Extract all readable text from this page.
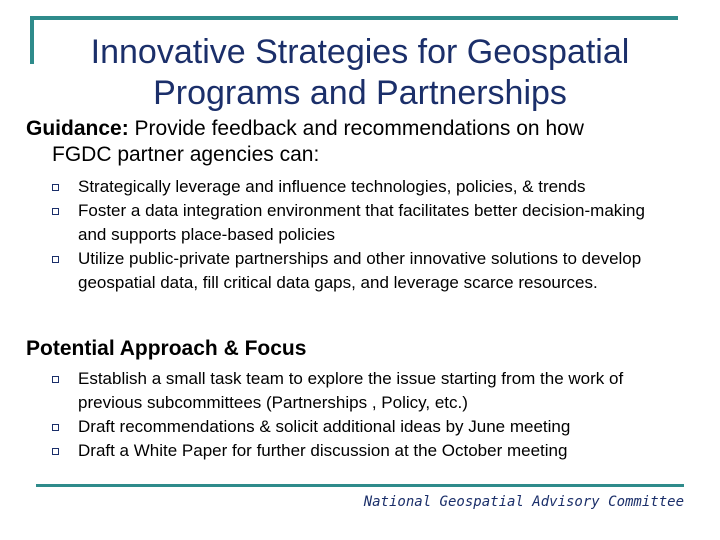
Innovative Strategies for Geospatial Programs and Partnerships
Guidance: Provide feedback and recommendations on how
FGDC partner agencies can:
Strategically leverage and influence technologies, policies, & trends
Foster a data integration environment that facilitates better decision-making and supports place-based policies
Utilize public-private partnerships and other innovative solutions to develop geospatial data, fill critical data gaps, and leverage scarce resources.
Potential Approach & Focus
Establish a small task team to explore the issue starting from the work of previous subcommittees (Partnerships , Policy, etc.)
Draft recommendations & solicit additional ideas by June meeting
Draft a White Paper for further discussion at the October meeting
National Geospatial Advisory Committee
